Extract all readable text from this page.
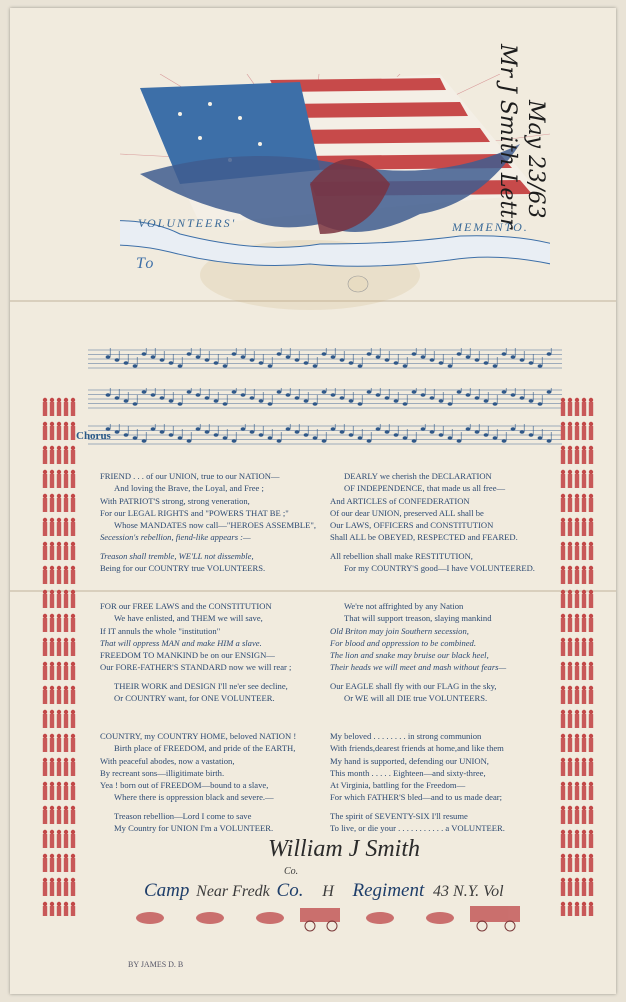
VOLUNTEERS'	MEMENTO.
To
Mr J Smith Lettr May 23/63
Chorus
FRIEND . . . of our UNION, true to our NATION—
And loving the Brave, the Loyal, and Free ;
With PATRIOT'S strong, strong veneration,
For our LEGAL RIGHTS and "POWERS THAT BE ;"
Whose MANDATES now call—"HEROES ASSEMBLE",
Secession's rebellion, fiend-like appears :—
Treason shall tremble, WE'LL not dissemble,
Being for our COUNTRY true VOLUNTEERS.
DEARLY we cherish the DECLARATION
OF INDEPENDENCE, that made us all free—
And ARTICLES of CONFEDERATION
Of our dear UNION, preserved ALL shall be
Our LAWS, OFFICERS and CONSTITUTION
Shall ALL be OBEYED, RESPECTED and FEARED.
All rebellion shall make RESTITUTION,
For my COUNTRY'S good—I have VOLUNTEERED.
FOR our FREE LAWS and the CONSTITUTION
We have enlisted, and THEM we will save,
If IT annuls the whole "institution"
That will oppress MAN and make HIM a slave.
FREEDOM TO MANKIND be on our ENSIGN—
Our FORE-FATHER'S STANDARD now we will rear ;
THEIR WORK and DESIGN I'll ne'er see decline,
Or COUNTRY want, for ONE VOLUNTEER.
We're not affrighted by any Nation
That will support treason, slaying mankind
Old Briton may join Southern secession,
For blood and oppression to be combined.
The lion and snake may bruise our black heel,
Their heads we will meet and mash without fears—
Our EAGLE shall fly with our FLAG in the sky,
Or WE will all DIE true VOLUNTEERS.
COUNTRY, my COUNTRY HOME, beloved NATION !
Birth place of FREEDOM, and pride of the EARTH,
With peaceful abodes, now a vastation,
By recreant sons—illigitimate birth.
Yea ! born out of FREEDOM—bound to a slave,
Where there is oppression black and severe.—
Treason rebellion—Lord I come to save
My Country for UNION I'm a VOLUNTEER.
My beloved . . . . . . . . in strong communion
With friends,dearest friends at home,and like them
My hand is supported, defending our UNION,
This month . . . . . Eighteen—and sixty-three,
At Virginia, battling for the Freedom—
For which FATHER'S bled—and to us made dear;
The spirit of SEVENTY-SIX I'll resume
To live, or die your . . . . . . . . . . . a VOLUNTEER.
William J Smith
Co.
Camp Near Fredk Co. H Regiment 43 N.Y. Vol
BY JAMES D. B
